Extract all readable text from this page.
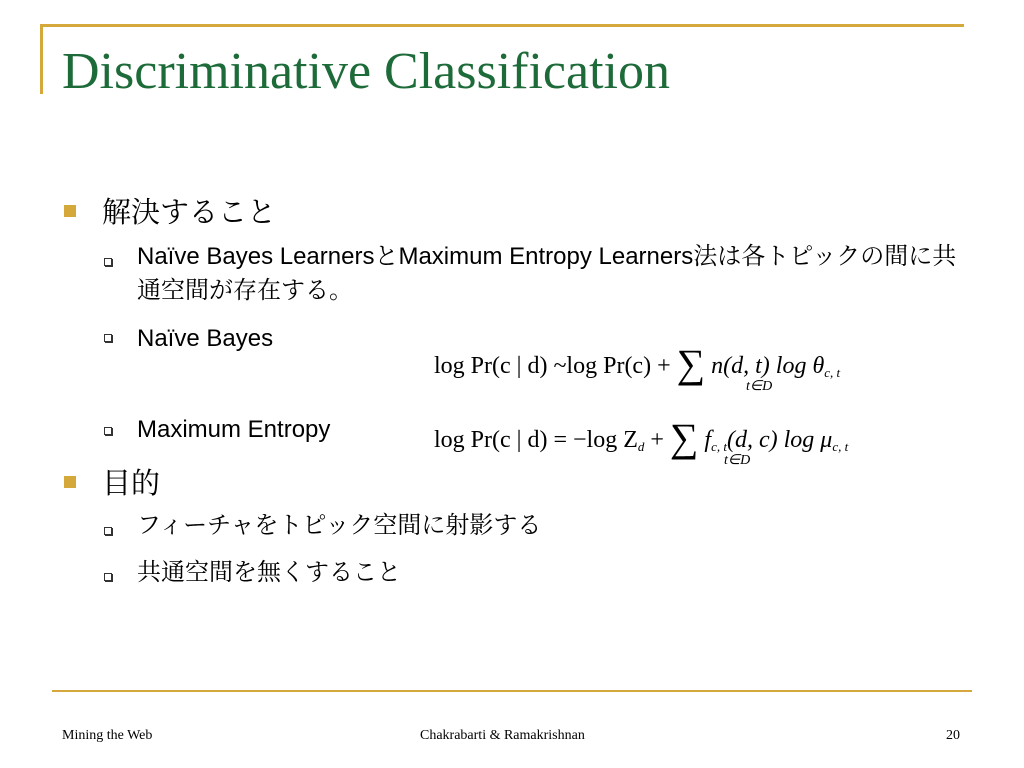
Discriminative Classification
解決すること
Naïve Bayes LearnersとMaximum Entropy Learners法は各トピックの間に共通空間が存在する。
Naïve Bayes
log Pr(c | d) ~log Pr(c) + ∑ n(d, t) $\log \theta_{c, t}$
t∈D
Maximum Entropy	log Pr(c | d) = −log $Z_d$ + ∑ $f_{c, t}(d$, c) $\log \mu_{c, t}$
t∈D
目的
フィーチャをトピック空間に射影する
共通空間を無くすること
Mining the Web	Chakrabarti & Ramakrishnan	20
